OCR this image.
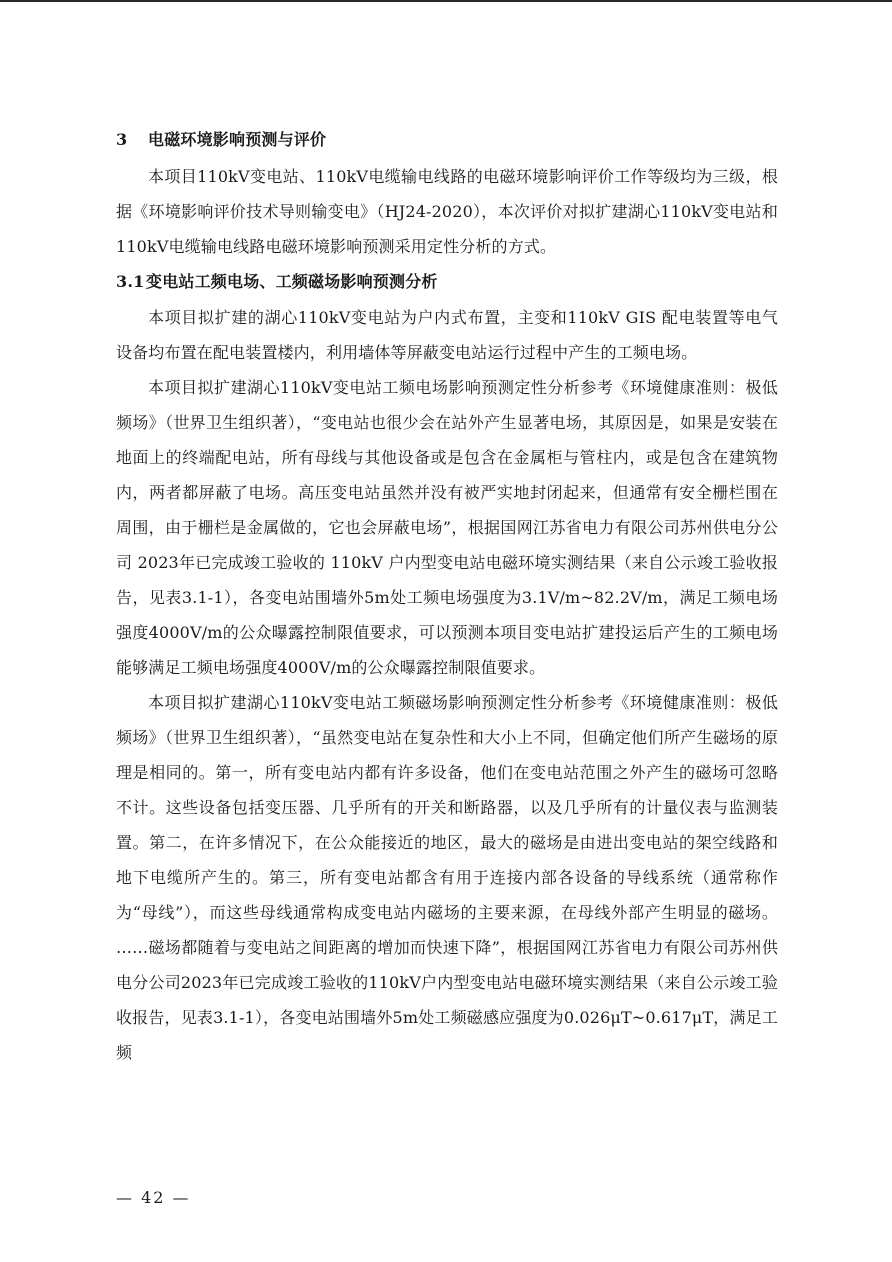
3 电磁环境影响预测与评价

本项目110kV变电站、110kV电缆输电线路的电磁环境影响评价工作等级均为三级，根据《环境影响评价技术导则输变电》（HJ24-2020），本次评价对拟扩建湖心110kV变电站和110kV电缆输电线路电磁环境影响预测采用定性分析的方式。

3.1变电站工频电场、工频磁场影响预测分析

本项目拟扩建的湖心110kV变电站为户内式布置，主变和110kV GIS 配电装置等电气设备均布置在配电装置楼内，利用墙体等屏蔽变电站运行过程中产生的工频电场。

本项目拟扩建湖心110kV变电站工频电场影响预测定性分析参考《环境健康准则：极低频场》（世界卫生组织著），“变电站也很少会在站外产生显著电场，其原因是，如果是安装在地面上的终端配电站，所有母线与其他设备或是包含在金属柜与管柱内，或是包含在建筑物内，两者都屏蔽了电场。高压变电站虽然并没有被严实地封闭起来，但通常有安全栅栏围在周围，由于栅栏是金属做的，它也会屏蔽电场”，根据国网江苏省电力有限公司苏州供电分公司 2023年已完成竣工验收的 110kV 户内型变电站电磁环境实测结果（来自公示竣工验收报告，见表3.1-1），各变电站围墙外5m处工频电场强度为3.1V/m~82.2V/m，满足工频电场强度4000V/m的公众曝露控制限值要求，可以预测本项目变电站扩建投运后产生的工频电场能够满足工频电场强度4000V/m的公众曝露控制限值要求。

本项目拟扩建湖心110kV变电站工频磁场影响预测定性分析参考《环境健康准则：极低频场》（世界卫生组织著），“虽然变电站在复杂性和大小上不同，但确定他们所产生磁场的原理是相同的。第一，所有变电站内都有许多设备，他们在变电站范围之外产生的磁场可忽略不计。这些设备包括变压器、几乎所有的开关和断路器，以及几乎所有的计量仪表与监测装置。第二，在许多情况下，在公众能接近的地区，最大的磁场是由进出变电站的架空线路和地下电缆所产生的。第三，所有变电站都含有用于连接内部各设备的导线系统（通常称作为“母线”），而这些母线通常构成变电站内磁场的主要来源，在母线外部产生明显的磁场。 ……磁场都随着与变电站之间距离的增加而快速下降”，根据国网江苏省电力有限公司苏州供电分公司2023年已完成竣工验收的110kV户内型变电站电磁环境实测结果（来自公示竣工验收报告，见表3.1-1），各变电站围墙外5m处工频磁感应强度为0.026μT~0.617μT，满足工频

— 42 —
